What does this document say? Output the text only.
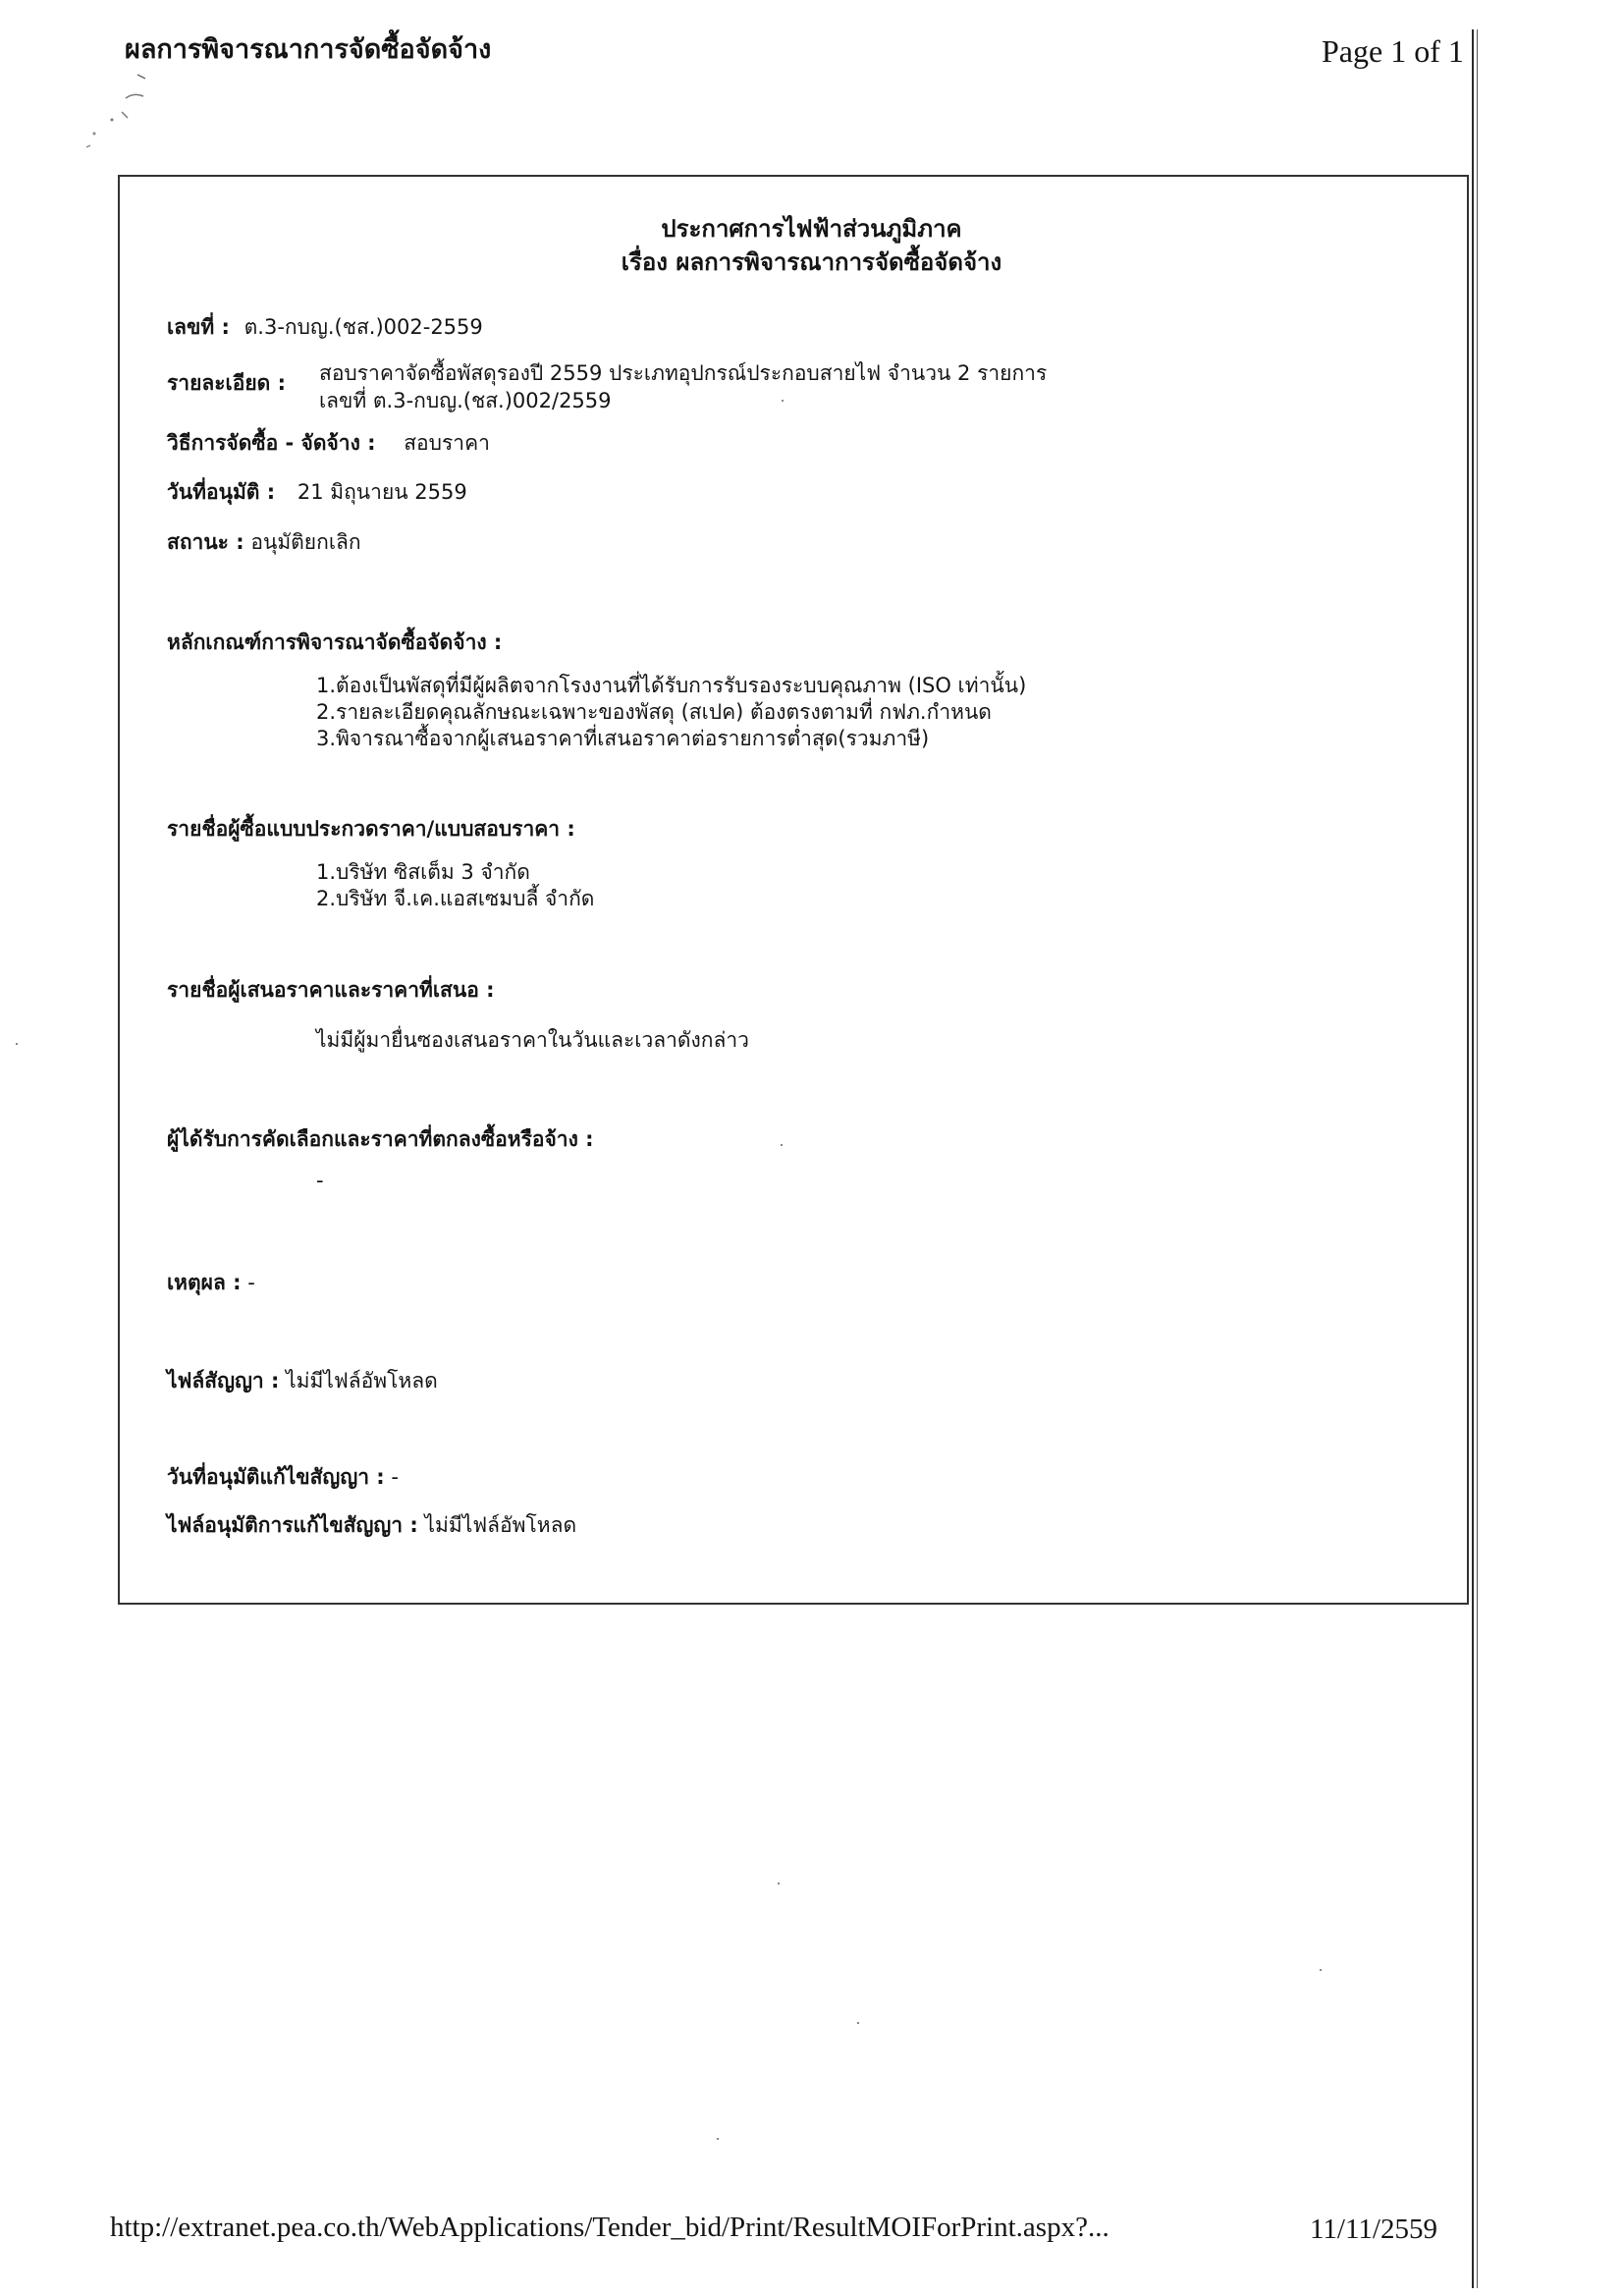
ผลการพิจารณาการจัดซื้อจัดจ้าง	Page 1 of 1
ประกาศการไฟฟ้าส่วนภูมิภาค
เรื่อง ผลการพิจารณาการจัดซื้อจัดจ้าง
เลขที่ : ต.3-กบญ.(ชส.)002-2559
รายละเอียด : สอบราคาจัดซื้อพัสดุรองปี 2559 ประเภทอุปกรณ์ประกอบสายไฟ จำนวน 2 รายการ
เลขที่ ต.3-กบญ.(ชส.)002/2559
วิธีการจัดซื้อ - จัดจ้าง : สอบราคา
วันที่อนุมัติ : 21 มิถุนายน 2559
สถานะ : อนุมัติยกเลิก
หลักเกณฑ์การพิจารณาจัดซื้อจัดจ้าง :
1.ต้องเป็นพัสดุที่มีผู้ผลิตจากโรงงานที่ได้รับการรับรองระบบคุณภาพ (ISO เท่านั้น)
2.รายละเอียดคุณลักษณะเฉพาะของพัสดุ (สเปค) ต้องตรงตามที่ กฟภ.กำหนด
3.พิจารณาซื้อจากผู้เสนอราคาที่เสนอราคาต่อรายการต่ำสุด(รวมภาษี)
รายชื่อผู้ซื้อแบบประกวดราคา/แบบสอบราคา :
1.บริษัท ซิสเต็ม 3 จำกัด
2.บริษัท จี.เค.แอสเซมบลี้ จำกัด
รายชื่อผู้เสนอราคาและราคาที่เสนอ :
ไม่มีผู้มายื่นซองเสนอราคาในวันและเวลาดังกล่าว
ผู้ได้รับการคัดเลือกและราคาที่ตกลงซื้อหรือจ้าง :
-
เหตุผล : -
ไฟล์สัญญา : ไม่มีไฟล์อัพโหลด
วันที่อนุมัติแก้ไขสัญญา : -
ไฟล์อนุมัติการแก้ไขสัญญา : ไม่มีไฟล์อัพโหลด
http://extranet.pea.co.th/WebApplications/Tender_bid/Print/ResultMOIForPrint.aspx?...	11/11/2559
